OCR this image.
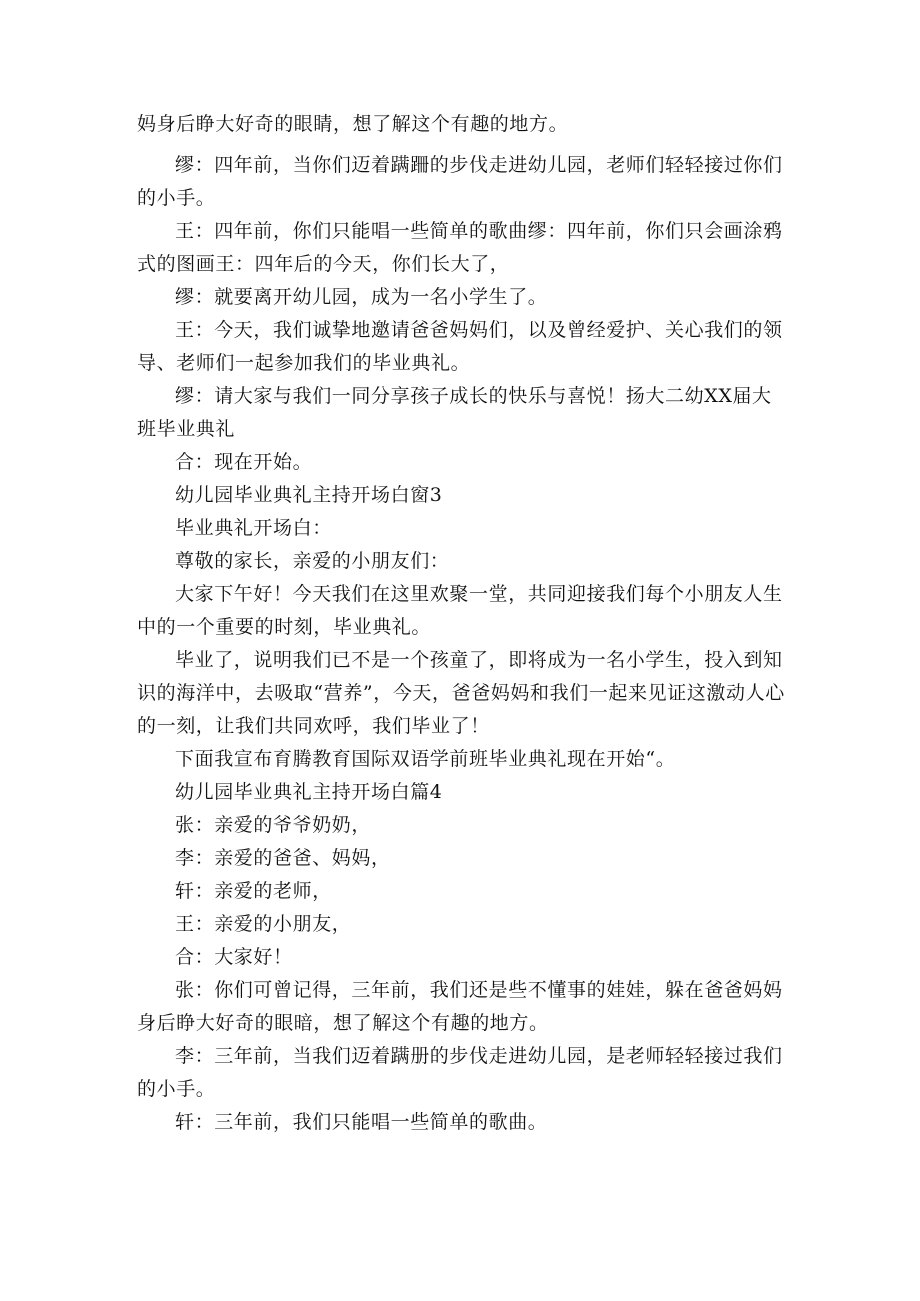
妈身后睁大好奇的眼睛，想了解这个有趣的地方。

缪：四年前，当你们迈着蹒跚的步伐走进幼儿园，老师们轻轻接过你们的小手。

王：四年前，你们只能唱一些简单的歌曲缪：四年前，你们只会画涂鸦式的图画王：四年后的今天，你们长大了，

缪：就要离开幼儿园，成为一名小学生了。

王：今天，我们诚挚地邀请爸爸妈妈们，以及曾经爱护、关心我们的领导、老师们一起参加我们的毕业典礼。

缪：请大家与我们一同分享孩子成长的快乐与喜悦！扬大二幼XX届大班毕业典礼

合：现在开始。

幼儿园毕业典礼主持开场白窗3

毕业典礼开场白：

尊敬的家长，亲爱的小朋友们：

大家下午好！今天我们在这里欢聚一堂，共同迎接我们每个小朋友人生中的一个重要的时刻，毕业典礼。

毕业了，说明我们已不是一个孩童了，即将成为一名小学生，投入到知识的海洋中，去吸取“营养”，今天，爸爸妈妈和我们一起来见证这激动人心的一刻，让我们共同欢呼，我们毕业了！

下面我宣布育腾教育国际双语学前班毕业典礼现在开始“。

幼儿园毕业典礼主持开场白篇4

张：亲爱的爷爷奶奶，

李：亲爱的爸爸、妈妈，

轩：亲爱的老师，

王：亲爱的小朋友，

合：大家好！

张：你们可曾记得，三年前，我们还是些不懂事的娃娃，躲在爸爸妈妈身后睁大好奇的眼暗，想了解这个有趣的地方。

李：三年前，当我们迈着蹒册的步伐走进幼儿园，是老师轻轻接过我们的小手。

轩：三年前，我们只能唱一些简单的歌曲。
